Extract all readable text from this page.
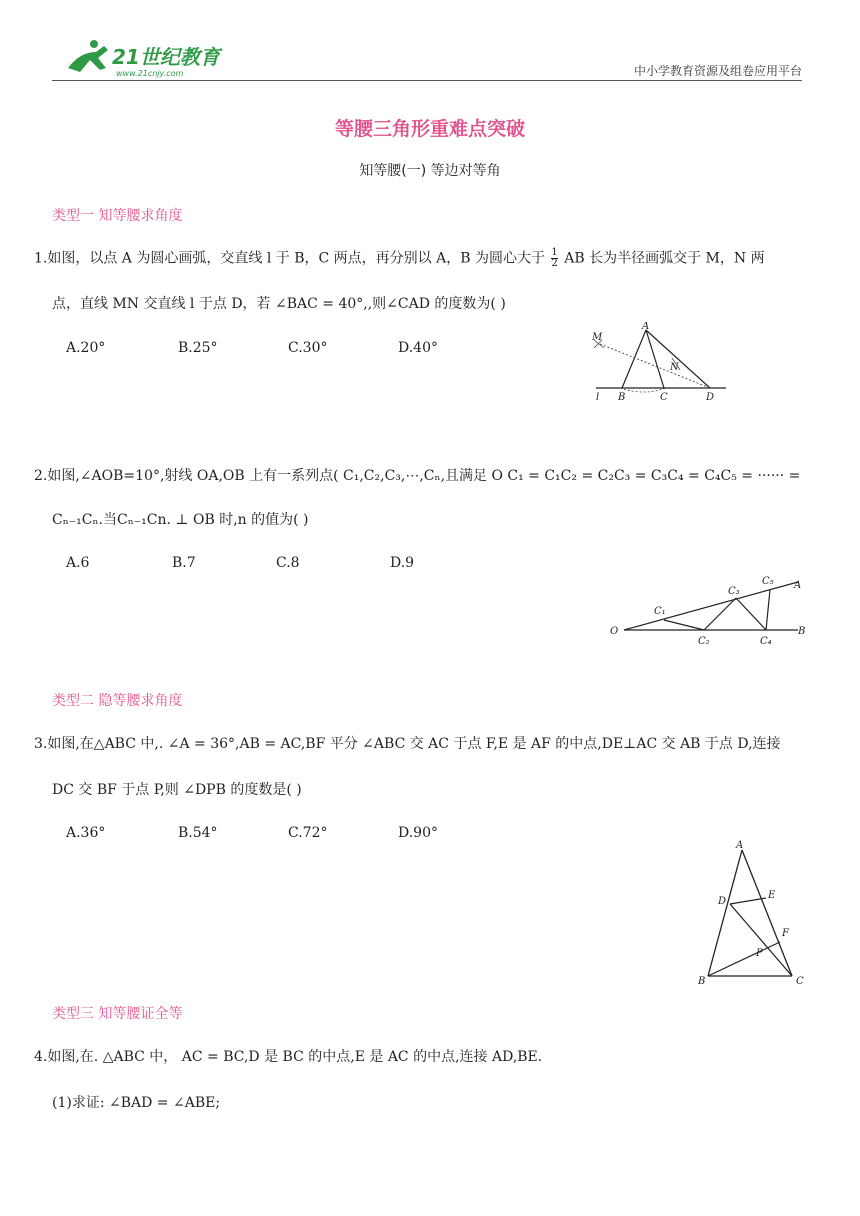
21世纪教育
www.21cnjy.com	中小学教育资源及组卷应用平台
等腰三角形重难点突破
知等腰(一) 等边对等角
类型一 知等腰求角度
1.如图，以点 A 为圆心画弧，交直线 l 于 B，C 两点，再分别以 A，B 为圆心大于 $\frac{1}{2}$ AB 长为半径画弧交于 M，N 两
点，直线 MN 交直线 l 于点 D，若 ∠BAC = 40°,,则∠CAD 的度数为( )
A.20°	B.25°	C.30°	D.40°
A
M
N
l B	C	D
2.如图,∠AOB=10°,射线 OA,OB 上有一系列点( C₁,C₂,C₃,⋯,Cₙ,且满足 O C₁ = C₁C₂ = C₂C₃ = C₃C₄ = C₄C₅ = ······ =
Cₙ₋₁Cₙ.当Cₙ₋₁Cn. ⊥ OB 时,n 的值为( )
A.6	B.7	C.8	D.9
O
C₁
C₂
C₃
C₄
C₅ A
B
类型二 隐等腰求角度
3.如图,在△ABC 中,. ∠A = 36°,AB = AC,BF 平分 ∠ABC 交 AC 于点 F,E 是 AF 的中点,DE⊥AC 交 AB 于点 D,连接
DC 交 BF 于点 P,则 ∠DPB 的度数是( )
A.36°	B.54°	C.72°	D.90°
A
D
E
F
P
B	C
类型三 知等腰证全等
4.如图,在. △ABC 中， AC = BC,D 是 BC 的中点,E 是 AC 的中点,连接 AD,BE.
(1)求证: ∠BAD = ∠ABE;
